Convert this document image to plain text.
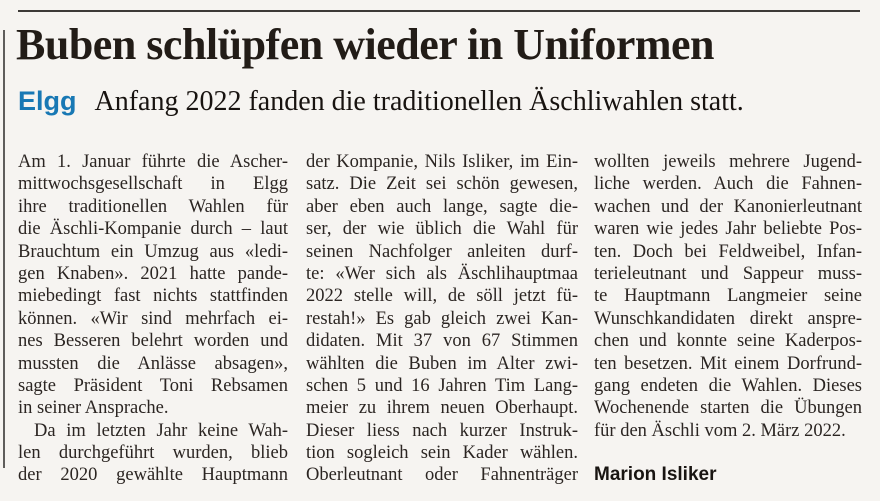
Buben schlüpfen wieder in Uniformen
Elgg Anfang 2022 fanden die traditionellen Äschliwahlen statt.
Am 1. Januar führte die Ascher-
mittwochsgesellschaft in Elgg
ihre traditionellen Wahlen für
die Äschli-Kompanie durch – laut
Brauchtum ein Umzug aus «ledi-
gen Knaben». 2021 hatte pande-
miebedingt fast nichts stattfinden
können. «Wir sind mehrfach ei-
nes Besseren belehrt worden und
mussten die Anlässe absagen»,
sagte Präsident Toni Rebsamen
in seiner Ansprache.
Da im letzten Jahr keine Wah-
len durchgeführt wurden, blieb
der 2020 gewählte Hauptmann
der Kompanie, Nils Isliker, im Ein-
satz. Die Zeit sei schön gewesen,
aber eben auch lange, sagte die-
ser, der wie üblich die Wahl für
seinen Nachfolger anleiten durf-
te: «Wer sich als Äschlihauptmaa
2022 stelle will, de söll jetzt fü-
restah!» Es gab gleich zwei Kan-
didaten. Mit 37 von 67 Stimmen
wählten die Buben im Alter zwi-
schen 5 und 16 Jahren Tim Lang-
meier zu ihrem neuen Oberhaupt.
Dieser liess nach kurzer Instruk-
tion sogleich sein Kader wählen.
Oberleutnant oder Fahnenträger
wollten jeweils mehrere Jugend-
liche werden. Auch die Fahnen-
wachen und der Kanonierleutnant
waren wie jedes Jahr beliebte Pos-
ten. Doch bei Feldweibel, Infan-
terieleutnant und Sappeur muss-
te Hauptmann Langmeier seine
Wunschkandidaten direkt anspre-
chen und konnte seine Kaderpos-
ten besetzen. Mit einem Dorfrund-
gang endeten die Wahlen. Dieses
Wochenende starten die Übungen
für den Äschli vom 2. März 2022.
Marion Isliker
